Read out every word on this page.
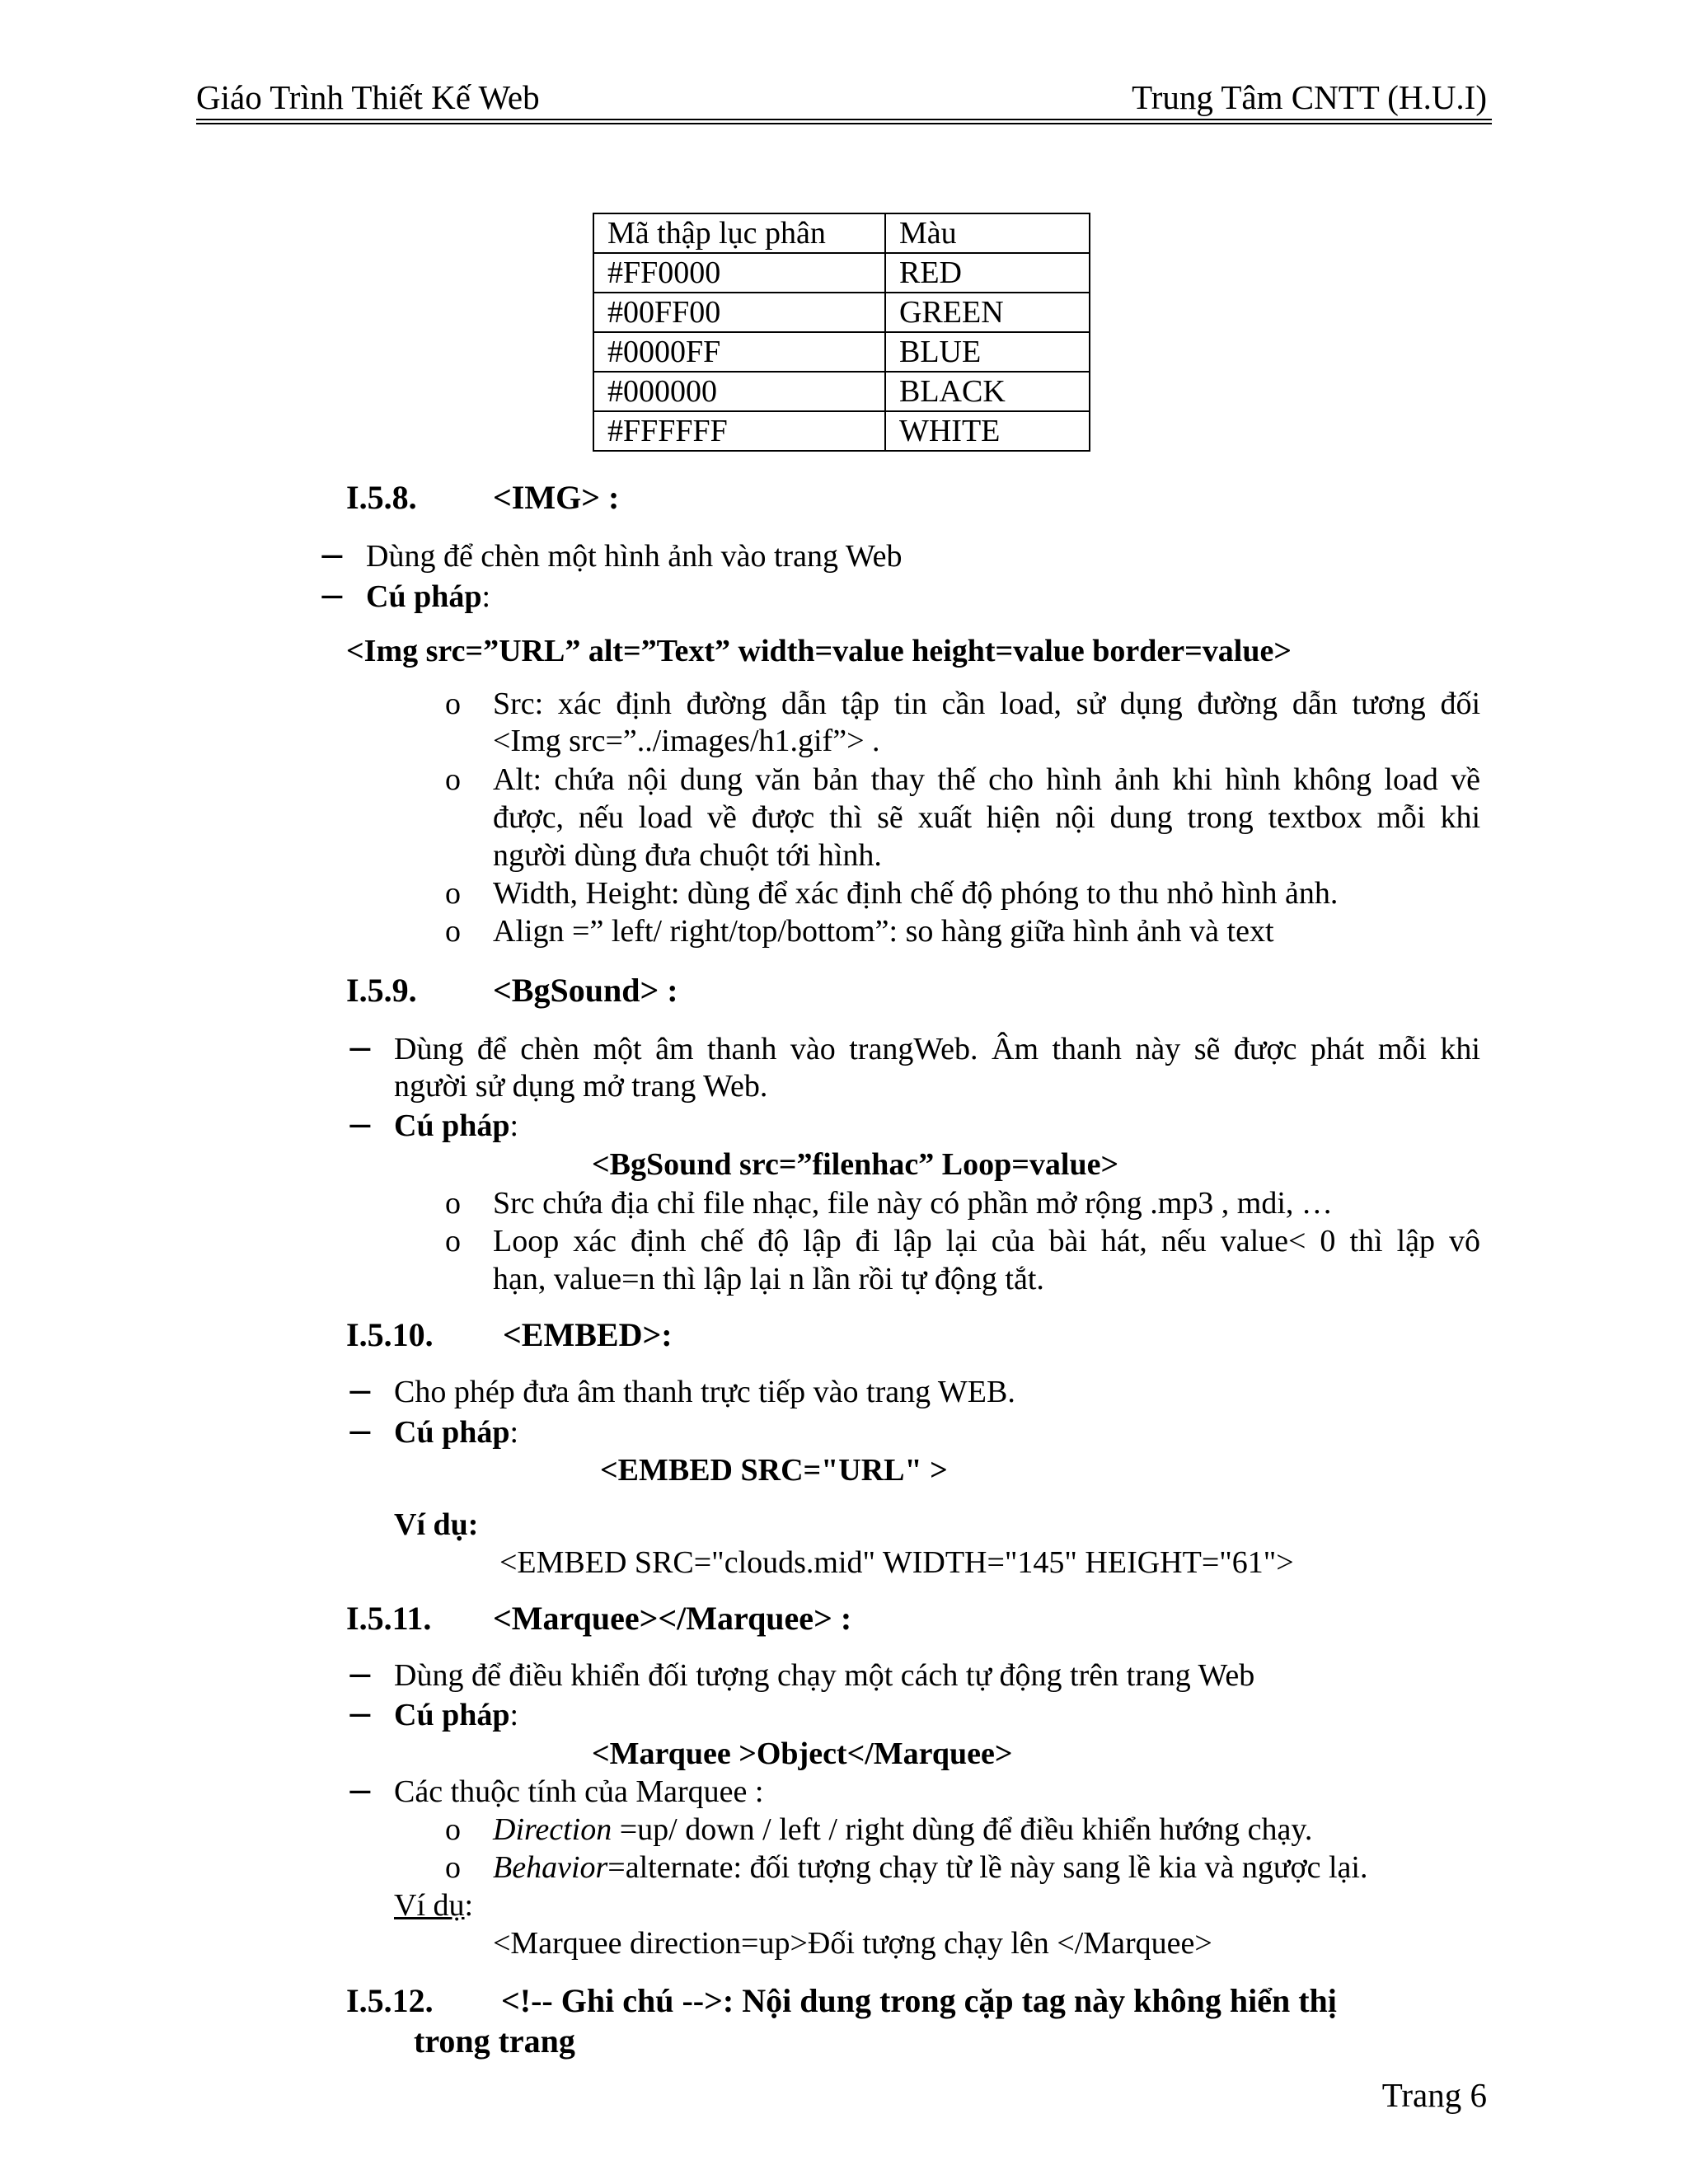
Giáo Trình Thiết Kế Web	Trung Tâm CNTT (H.U.I)
Mã thập lục phân	Màu
#FF0000	RED
#00FF00	GREEN
#0000FF	BLUE
#000000	BLACK
#FFFFFF	WHITE
I.5.8. <IMG> :
− Dùng để chèn một hình ảnh vào trang Web
− Cú pháp:
<Img src=”URL” alt=”Text” width=value height=value border=value>
o Src: xác định đường dẫn tập tin cần load, sử dụng đường dẫn tương đối
<Img src=”../images/h1.gif”> .
o Alt: chứa nội dung văn bản thay thế cho hình ảnh khi hình không load về
được, nếu load về được thì sẽ xuất hiện nội dung trong textbox mỗi khi
người dùng đưa chuột tới hình.
o Width, Height: dùng để xác định chế độ phóng to thu nhỏ hình ảnh.
o Align =” left/ right/top/bottom”: so hàng giữa hình ảnh và text
I.5.9. <BgSound> :
− Dùng để chèn một âm thanh vào trangWeb. Âm thanh này sẽ được phát mỗi khi
người sử dụng mở trang Web.
− Cú pháp:
<BgSound src=”filenhac” Loop=value>
o Src chứa địa chỉ file nhạc, file này có phần mở rộng .mp3 , mdi, …
o Loop xác định chế độ lập đi lập lại của bài hát, nếu value< 0 thì lập vô
hạn, value=n thì lập lại n lần rồi tự động tắt.
I.5.10. <EMBED>:
− Cho phép đưa âm thanh trực tiếp vào trang WEB.
− Cú pháp:
<EMBED SRC="URL" >
Ví dụ:
<EMBED SRC="clouds.mid" WIDTH="145" HEIGHT="61">
I.5.11. <Marquee></Marquee> :
− Dùng để điều khiển đối tượng chạy một cách tự động trên trang Web
− Cú pháp:
<Marquee >Object</Marquee>
− Các thuộc tính của Marquee :
o Direction =up/ down / left / right dùng để điều khiển hướng chạy.
o Behavior=alternate: đối tượng chạy từ lề này sang lề kia và ngược lại.
Ví dụ:
<Marquee direction=up>Đối tượng chạy lên </Marquee>
I.5.12. <!-- Ghi chú -->: Nội dung trong cặp tag này không hiển thị
trong trang
Trang 6
